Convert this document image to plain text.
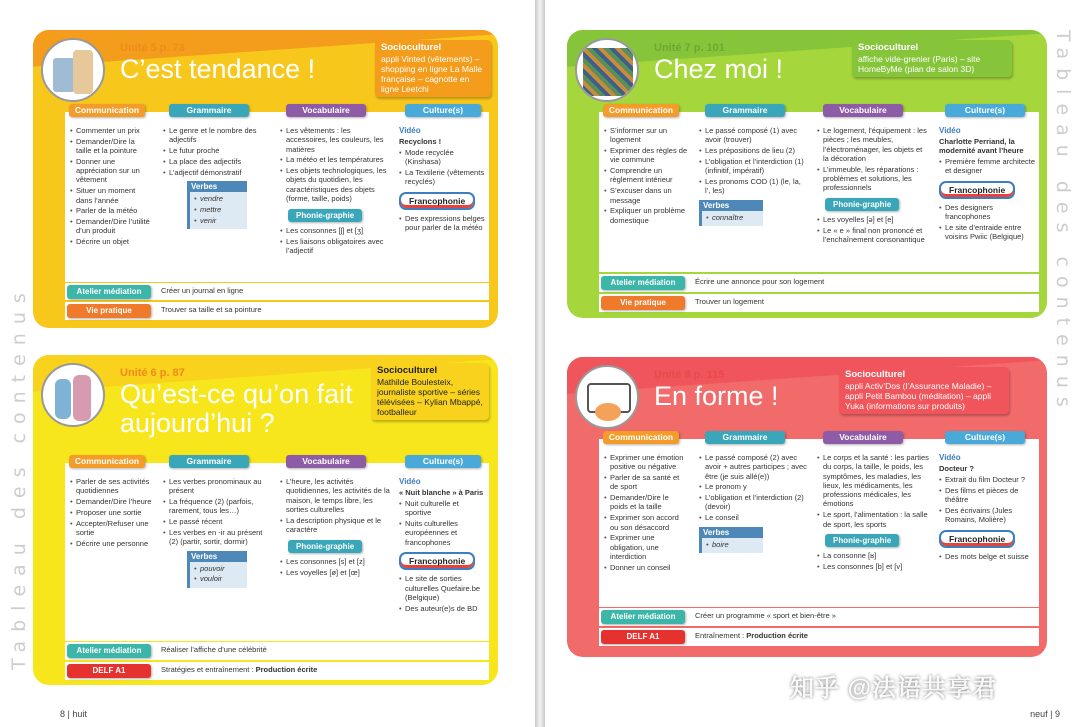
Tableau des contenus
Unité 5 p. 73
C’est tendance !
Socioculturel
appli Vinted (vêtements) – shopping en ligne La Malle française – cagnotte en ligne Leetchi
Communication
• Commenter un prix
• Demander/Dire la taille et la pointure
• Donner une appréciation sur un vêtement
• Situer un moment dans l’année
• Parler de la météo
• Demander/Dire l’utilité d’un produit
• Décrire un objet
Grammaire
• Le genre et le nombre des adjectifs
• Le futur proche
• La place des adjectifs
• L’adjectif démonstratif
Verbes
• vendre
• mettre
• venir
Vocabulaire
• Les vêtements : les accessoires, les couleurs, les matières
• La météo et les températures
• Les objets technologiques, les objets du quotidien, les caractéristiques des objets (forme, taille, poids)
Phonie-graphie
• Les consonnes [ʃ] et [ʒ]
• Les liaisons obligatoires avec l’adjectif
Culture(s)
Vidéo
Recyclons !
• Mode recyclée (Kinshasa)
• La Textilerie (vêtements recyclés)
Francophonie
• Des expressions belges pour parler de la météo
Atelier médiation	Créer un journal en ligne
Vie pratique	Trouver sa taille et sa pointure
Unité 6 p. 87
Qu’est-ce qu’on fait aujourd’hui ?
Socioculturel
Mathilde Boulesteix, journaliste sportive – séries télévisées – Kylian Mbappé, footballeur
Communication
• Parler de ses activités quotidiennes
• Demander/Dire l’heure
• Proposer une sortie
• Accepter/Refuser une sortie
• Décrire une personne
Grammaire
• Les verbes pronominaux au présent
• La fréquence (2) (parfois, rarement, tous les…)
• Le passé récent
• Les verbes en -ir au présent (2) (partir, sortir, dormir)
Verbes
• pouvoir
• vouloir
Vocabulaire
• L’heure, les activités quotidiennes, les activités de la maison, le temps libre, les sorties culturelles
• La description physique et le caractère
Phonie-graphie
• Les consonnes [s] et [z]
• Les voyelles [ø] et [œ]
Culture(s)
Vidéo
« Nuit blanche » à Paris
• Nuit culturelle et sportive
• Nuits culturelles européennes et francophones
Francophonie
• Le site de sorties culturelles Quefaire.be (Belgique)
• Des auteur(e)s de BD
Atelier médiation	Réaliser l’affiche d’une célébrité
DELF A1	Stratégies et entraînement : Production écrite
8 | huit
Tableau des contenus
Unité 7 p. 101
Chez moi !
Socioculturel
affiche vide-grenier (Paris) – site HomeByMe (plan de salon 3D)
Communication
• S’informer sur un logement
• Exprimer des règles de vie commune
• Comprendre un règlement intérieur
• S’excuser dans un message
• Expliquer un problème domestique
Grammaire
• Le passé composé (1) avec avoir (trouver)
• Les prépositions de lieu (2)
• L’obligation et l’interdiction (1) (infinitif, impératif)
• Les pronoms COD (1) (le, la, l’, les)
Verbes
• connaître
Vocabulaire
• Le logement, l’équipement : les pièces ; les meubles, l’électroménager, les objets et la décoration
• L’immeuble, les réparations : problèmes et solutions, les professionnels
Phonie-graphie
• Les voyelles [ə] et [e]
• Le « e » final non prononcé et l’enchaînement consonantique
Culture(s)
Vidéo
Charlotte Perriand, la modernité avant l’heure
• Première femme architecte et designer
Francophonie
• Des designers francophones
• Le site d’entraide entre voisins Pwiic (Belgique)
Atelier médiation	Écrire une annonce pour son logement
Vie pratique	Trouver un logement
Unité 8 p. 115
En forme !
Socioculturel
appli Activ’Dos (l’Assurance Maladie) – appli Petit Bambou (méditation) – appli Yuka (informations sur produits)
Communication
• Exprimer une émotion positive ou négative
• Parler de sa santé et de sport
• Demander/Dire le poids et la taille
• Exprimer son accord ou son désaccord
• Exprimer une obligation, une interdiction
• Donner un conseil
Grammaire
• Le passé composé (2) avec avoir + autres participes ; avec être (je suis allé(e))
• Le pronom y
• L’obligation et l’interdiction (2) (devoir)
• Le conseil
Verbes
• boire
Vocabulaire
• Le corps et la santé : les parties du corps, la taille, le poids, les symptômes, les maladies, les lieux, les médicaments, les professions médicales, les émotions
• Le sport, l’alimentation : la salle de sport, les sports
Phonie-graphie
• La consonne [ʁ]
• Les consonnes [b] et [v]
Culture(s)
Vidéo
Docteur ?
• Extrait du film Docteur ?
• Des films et pièces de théâtre
• Des écrivains (Jules Romains, Molière)
Francophonie
• Des mots belge et suisse
Atelier médiation	Créer un programme « sport et bien-être »
DELF A1	Entraînement : Production écrite
neuf | 9
知乎 @法语共享君
